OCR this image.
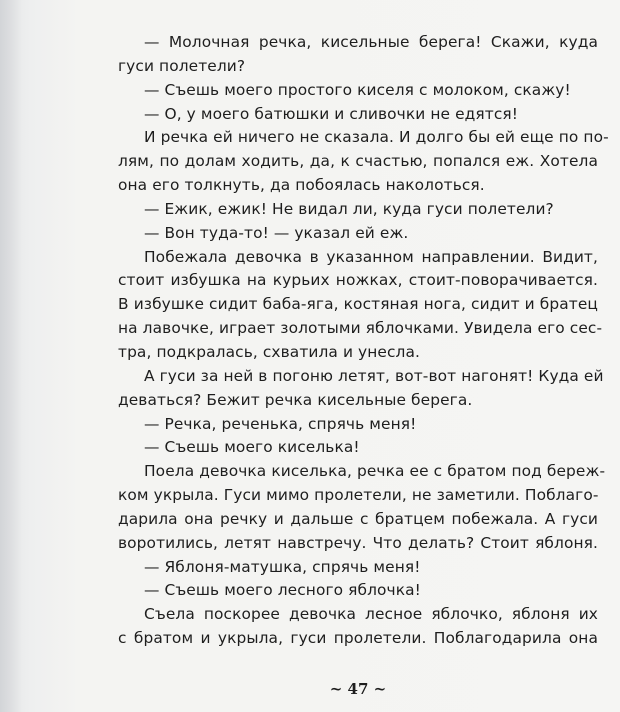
— Молочная речка, кисельные берега! Скажи, куда
гуси полетели?
— Съешь моего простого киселя с молоком, скажу!
— О, у моего батюшки и сливочки не едятся!
И речка ей ничего не сказала. И долго бы ей еще по по-
лям, по долам ходить, да, к счастью, попался еж. Хотела
она его толкнуть, да побоялась наколоться.
— Ежик, ежик! Не видал ли, куда гуси полетели?
— Вон туда-то! — указал ей еж.
Побежала девочка в указанном направлении. Видит,
стоит избушка на курьих ножках, стоит-поворачивается.
В избушке сидит баба-яга, костяная нога, сидит и братец
на лавочке, играет золотыми яблочками. Увидела его сес-
тра, подкралась, схватила и унесла.
А гуси за ней в погоню летят, вот-вот нагонят! Куда ей
деваться? Бежит речка кисельные берега.
— Речка, реченька, спрячь меня!
— Съешь моего киселька!
Поела девочка киселька, речка ее с братом под береж-
ком укрыла. Гуси мимо пролетели, не заметили. Поблаго-
дарила она речку и дальше с братцем побежала. А гуси
воротились, летят навстречу. Что делать? Стоит яблоня.
— Яблоня-матушка, спрячь меня!
— Съешь моего лесного яблочка!
Съела поскорее девочка лесное яблочко, яблоня их
с братом и укрыла, гуси пролетели. Поблагодарила она
~ 47 ~
